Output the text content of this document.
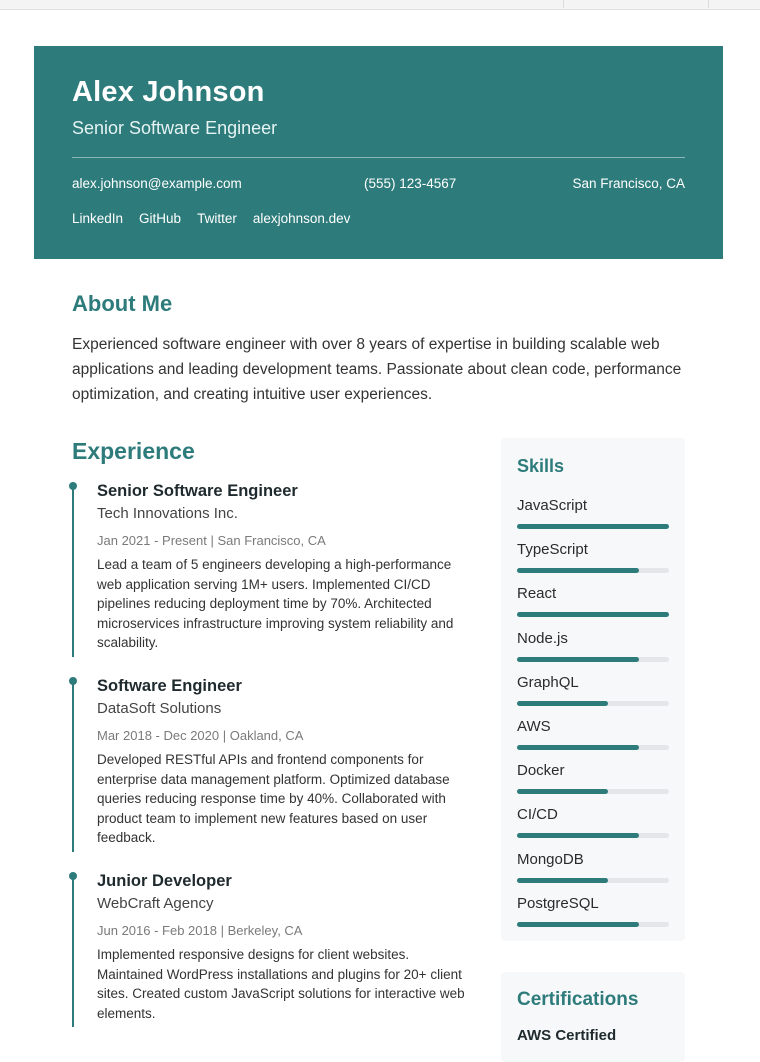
Alex Johnson
Senior Software Engineer
alex.johnson@example.com	(555) 123-4567	San Francisco, CA
LinkedIn GitHub Twitter alexjohnson.dev
About Me
Experienced software engineer with over 8 years of expertise in building scalable web applications and leading development teams. Passionate about clean code, performance optimization, and creating intuitive user experiences.
Experience
Senior Software Engineer
Tech Innovations Inc.
Jan 2021 - Present | San Francisco, CA
Lead a team of 5 engineers developing a high-performance web application serving 1M+ users. Implemented CI/CD pipelines reducing deployment time by 70%. Architected microservices infrastructure improving system reliability and scalability.
Software Engineer
DataSoft Solutions
Mar 2018 - Dec 2020 | Oakland, CA
Developed RESTful APIs and frontend components for enterprise data management platform. Optimized database queries reducing response time by 40%. Collaborated with product team to implement new features based on user feedback.
Junior Developer
WebCraft Agency
Jun 2016 - Feb 2018 | Berkeley, CA
Implemented responsive designs for client websites. Maintained WordPress installations and plugins for 20+ client sites. Created custom JavaScript solutions for interactive web elements.
Skills
JavaScript
TypeScript
React
Node.js
GraphQL
AWS
Docker
CI/CD
MongoDB
PostgreSQL
Certifications
AWS Certified
